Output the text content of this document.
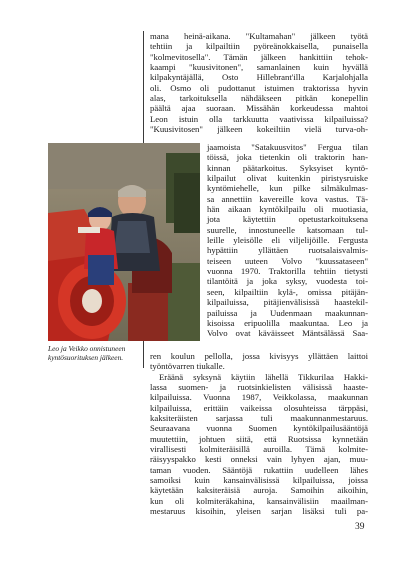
mana heinä-aikana. "Kultamahan" jälkeen työtä
tehtiin ja kilpailtiin pyöreänokkaisella, punaisella
"kolmevitosella". Tämän jälkeen hankittiin tehok-
kaampi "kuusivitonen", samanlainen kuin hyvällä
kilpakyntäjällä, Osto Hillebrant'illa Karjalohjalla
oli. Osmo oli pudottanut istuimen traktorissa hyvin
alas, tarkoituksella nähdäkseen pitkän konepellin
päältä ajaa suoraan. Missähän korkeudessa mahtoi
Leon istuin olla tarkkuutta vaativissa kilpailuissa?
"Kuusivitosen" jälkeen kokeiltiin vielä turva-oh-
jaamoista "Satakuusvitos" Fergua tilan
töissä, joka tietenkin oli traktorin han-
kinnan päätarkoitus. Syksyiset kyntö-
kilpailut olivat kuitenkin piristysruiske
kyntömiehelle, kun pilke silmäkulmas-
sa annettiin kavereille kova vastus. Tä-
hän aikaan kyntökilpailu oli muotiasia,
jota käytettiin opetustarkoituksena
suurelle, innostuneelle katsomaan tul-
leille yleisölle eli viljelijöille. Fergusta
hypättiin yllättäen ruotsalaisvalmis-
teiseen uuteen Volvo "kuussataseen"
vuonna 1970. Traktorilla tehtiin tietysti
tilantöitä ja joka syksy, vuodesta toi-
seen, kilpailtiin kylä-, omissa pitäjän-
kilpailuissa, pitäjienvälisissä haastekil-
pailuissa ja Uudenmaan maakunnan-
kisoissa eripuolilla maakuntaa. Leo ja
Volvo ovat käväisseet Mäntsälässä Saa-
Leo ja Veikko onnistuneen kyntösuorituksen jälkeen.	ren koulun pellolla, jossa kivisyys yllättäen laittoi
työntövarren tiukalle.
Eräänä syksynä käytiin lähellä Tikkurilaa Hakki-
lassa suomen- ja ruotsinkielisten välisissä haaste-
kilpailuissa. Vuonna 1987, Veikkolassa, maakunnan
kilpailuissa, erittäin vaikeissa olosuhteissa tärppäsi,
kaksiteräisten sarjassa tuli maakunnanmestaruus.
Seuraavana vuonna Suomen kyntökilpailusääntöjä
muutettiin, johtuen siitä, että Ruotsissa kynnetään
virallisesti kolmiteräisillä auroilla. Tämä kolmite-
räisyyspakko kesti onneksi vain lyhyen ajan, muu-
taman vuoden. Sääntöjä rukattiin uudelleen lähes
samoiksi kuin kansainvälisissä kilpailuissa, joissa
käytetään kaksiteräisiä auroja. Samoihin aikoihin,
kun oli kolmiteräkahina, kansainvälisiin maailman-
mestaruus kisoihin, yleisen sarjan lisäksi tuli pa-
39
